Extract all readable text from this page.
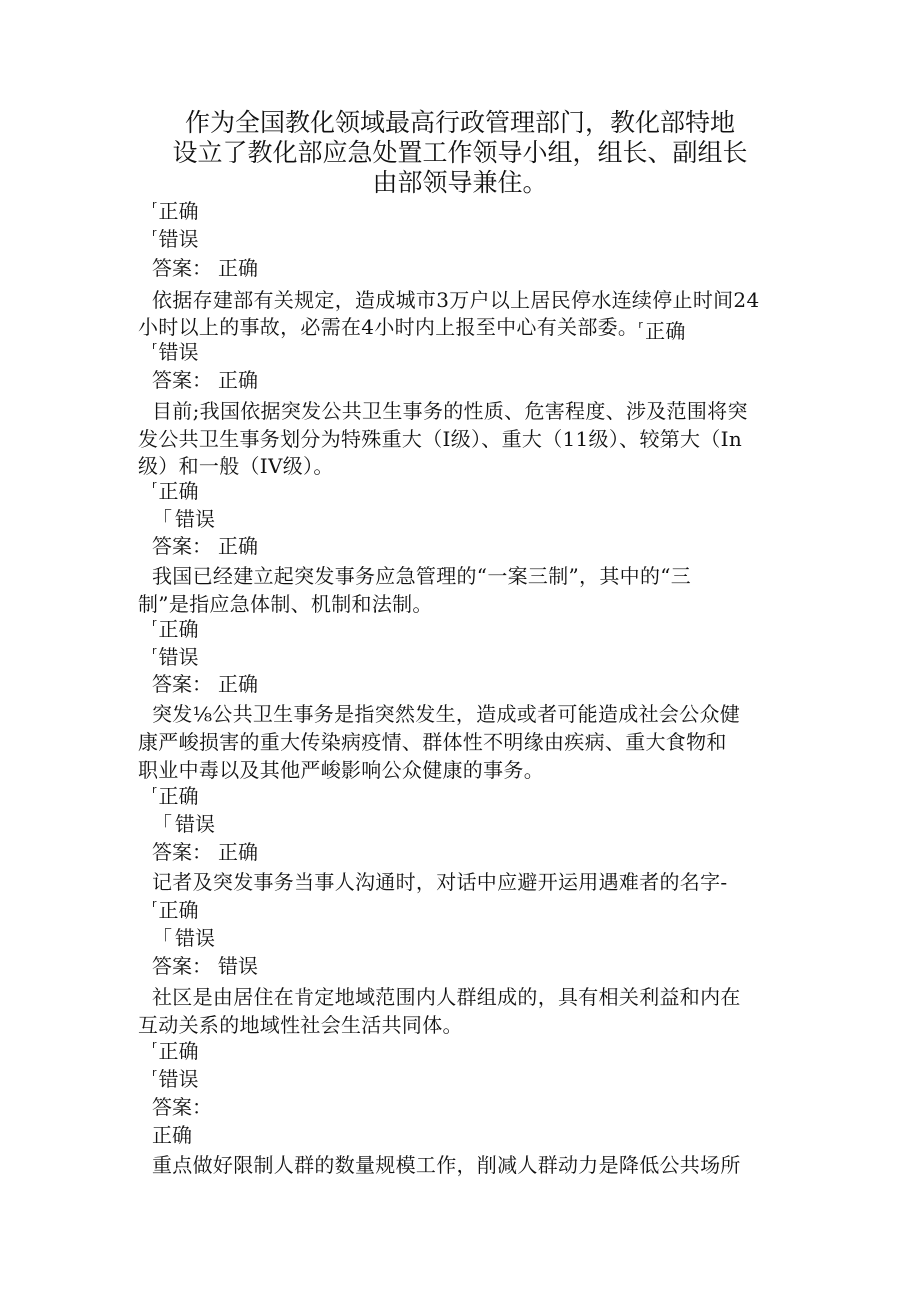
作为全国教化领域最高行政管理部门，教化部特地
设立了教化部应急处置工作领导小组，组长、副组长
由部领导兼住。
r 正确
r 错误
答案： 正确
依据存建部有关规定，造成城市3万户以上居民停水连续停止时间24
小时以上的事故，必需在4小时内上报至中心有关部委。 r 正确
r 错误
答案： 正确
目前;我国依据突发公共卫生事务的性质、危害程度、涉及范围将突
发公共卫生事务划分为特殊重大（I级）、重大（11级）、较第大（In
级）和一般（IV级）。
r 正确
「 错误
答案： 正确
我国已经建立起突发事务应急管理的“一案三制”，其中的“三
制”是指应急体制、机制和法制。
r 正确
r 错误
答案： 正确
突发⅛公共卫生事务是指突然发生，造成或者可能造成社会公众健
康严峻损害的重大传染病疫情、群体性不明缘由疾病、重大食物和
职业中毒以及其他严峻影响公众健康的事务。
r 正确
「 错误
答案： 正确
记者及突发事务当事人沟通时，对话中应避开运用遇难者的名字-
r 正确
「 错误
答案： 错误
社区是由居住在肯定地域范围内人群组成的，具有相关利益和内在
互动关系的地域性社会生活共同体。
r 正确
r 错误
答案：
正确
重点做好限制人群的数量规模工作，削减人群动力是降低公共场所
